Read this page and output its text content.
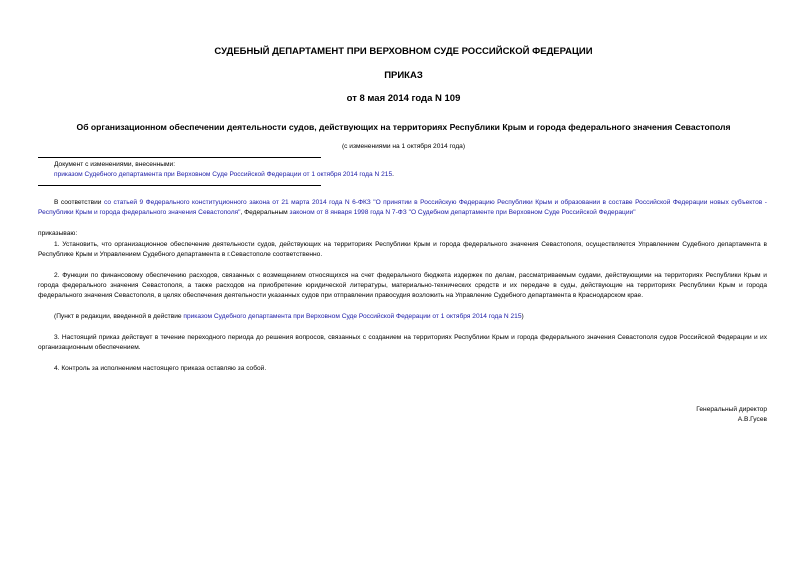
СУДЕБНЫЙ ДЕПАРТАМЕНТ ПРИ ВЕРХОВНОМ СУДЕ РОССИЙСКОЙ ФЕДЕРАЦИИ
ПРИКАЗ
от 8 мая 2014 года N 109
Об организационном обеспечении деятельности судов, действующих на территориях Республики Крым и города федерального значения Севастополя
(с изменениями на 1 октября 2014 года)
Документ с изменениями, внесенными:
приказом Судебного департамента при Верховном Суде Российской Федерации от 1 октября 2014 года N 215.

В соответствии со статьей 9 Федерального конституционного закона от 21 марта 2014 года N 6-ФКЗ "О принятии в Российскую Федерацию Республики Крым и образовании в составе Российской Федерации новых субъектов - Республики Крым и города федерального значения Севастополя", Федеральным законом от 8 января 1998 года N 7-ФЗ "О Судебном департаменте при Верховном Суде Российской Федерации"

приказываю:

1. Установить, что организационное обеспечение деятельности судов, действующих на территориях Республики Крым и города федерального значения Севастополя, осуществляется Управлением Судебного департамента в Республике Крым и Управлением Судебного департамента в г.Севастополе соответственно.

2. Функции по финансовому обеспечению расходов, связанных с возмещением относящихся на счет федерального бюджета издержек по делам, рассматриваемым судами, действующими на территориях Республики Крым и города федерального значения Севастополя, а также расходов на приобретение юридической литературы, материально-технических средств и их передаче в суды, действующие на территориях Республики Крым и города федерального значения Севастополя, в целях обеспечения деятельности указанных судов при отправлении правосудия возложить на Управление Судебного департамента в Краснодарском крае.

(Пункт в редакции, введенной в действие приказом Судебного департамента при Верховном Суде Российской Федерации от 1 октября 2014 года N 215)

3. Настоящий приказ действует в течение переходного периода до решения вопросов, связанных с созданием на территориях Республики Крым и города федерального значения Севастополя судов Российской Федерации и их организационным обеспечением.

4. Контроль за исполнением настоящего приказа оставляю за собой.

Генеральный директор
А.В.Гусев
